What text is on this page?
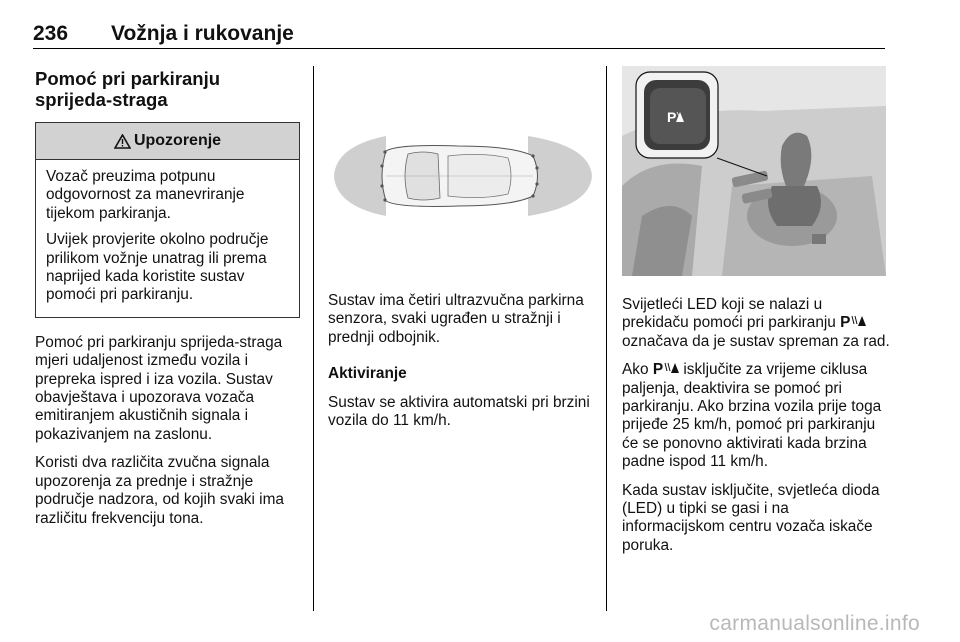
236 Vožnja i rukovanje
Pomoć pri parkiranju sprijeda-straga
Upozorenje

Vozač preuzima potpunu odgovornost za manevriranje tijekom parkiranja.

Uvijek provjerite okolno područje prilikom vožnje unatrag ili prema naprijed kada koristite sustav pomoći pri parkiranju.

Pomoć pri parkiranju sprijeda-straga mjeri udaljenost između vozila i prepreka ispred i iza vozila. Sustav obavještava i upozorava vozača emitiranjem akustičnih signala i pokazivanjem na zaslonu.

Koristi dva različita zvučna signala upozorenja za prednje i stražnje područje nadzora, od kojih svaki ima različitu frekvenciju tona.

Sustav ima četiri ultrazvučna parkirna senzora, svaki ugrađen u stražnji i prednji odbojnik.

Aktiviranje

Sustav se aktivira automatski pri brzini vozila do 11 km/h.

P

Svijetleći LED koji se nalazi u prekidaču pomoći pri parkiranju P označava da je sustav spreman za rad.

Ako P isključite za vrijeme ciklusa paljenja, deaktivira se pomoć pri parkiranju. Ako brzina vozila prije toga prijeđe 25 km/h, pomoć pri parkiranju će se ponovno aktivirati kada brzina padne ispod 11 km/h.

Kada sustav isključite, svjetleća dioda (LED) u tipki se gasi i na informacijskom centru vozača iskače poruka.

carmanualsonline.info
